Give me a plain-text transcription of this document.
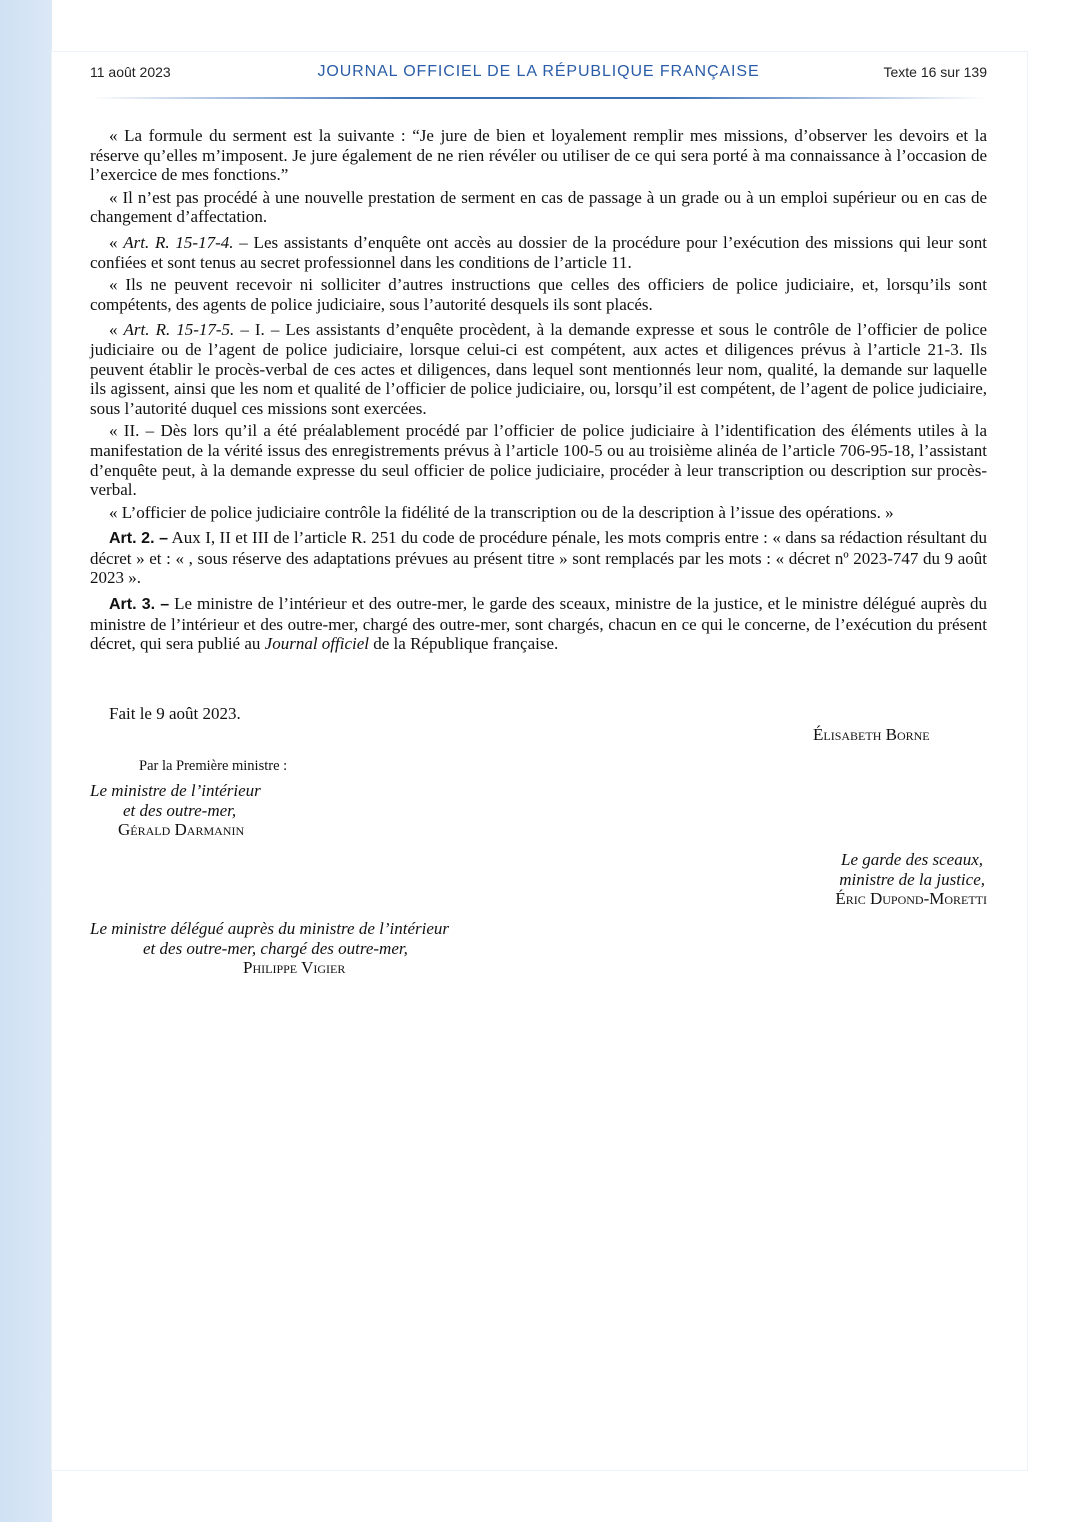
11 août 2023	JOURNAL OFFICIEL DE LA RÉPUBLIQUE FRANÇAISE	Texte 16 sur 139

« La formule du serment est la suivante : “Je jure de bien et loyalement remplir mes missions, d’observer les devoirs et la réserve qu’elles m’imposent. Je jure également de ne rien révéler ou utiliser de ce qui sera porté à ma connaissance à l’occasion de l’exercice de mes fonctions.”

« Il n’est pas procédé à une nouvelle prestation de serment en cas de passage à un grade ou à un emploi supérieur ou en cas de changement d’affectation.

« Art. R. 15-17-4. – Les assistants d’enquête ont accès au dossier de la procédure pour l’exécution des missions qui leur sont confiées et sont tenus au secret professionnel dans les conditions de l’article 11.

« Ils ne peuvent recevoir ni solliciter d’autres instructions que celles des officiers de police judiciaire, et, lorsqu’ils sont compétents, des agents de police judiciaire, sous l’autorité desquels ils sont placés.

« Art. R. 15-17-5. – I. – Les assistants d’enquête procèdent, à la demande expresse et sous le contrôle de l’officier de police judiciaire ou de l’agent de police judiciaire, lorsque celui-ci est compétent, aux actes et diligences prévus à l’article 21-3. Ils peuvent établir le procès-verbal de ces actes et diligences, dans lequel sont mentionnés leur nom, qualité, la demande sur laquelle ils agissent, ainsi que les nom et qualité de l’officier de police judiciaire, ou, lorsqu’il est compétent, de l’agent de police judiciaire, sous l’autorité duquel ces missions sont exercées.

« II. – Dès lors qu’il a été préalablement procédé par l’officier de police judiciaire à l’identification des éléments utiles à la manifestation de la vérité issus des enregistrements prévus à l’article 100-5 ou au troisième alinéa de l’article 706-95-18, l’assistant d’enquête peut, à la demande expresse du seul officier de police judiciaire, procéder à leur transcription ou description sur procès-verbal.

« L’officier de police judiciaire contrôle la fidélité de la transcription ou de la description à l’issue des opérations. »

Art. 2. – Aux I, II et III de l’article R. 251 du code de procédure pénale, les mots compris entre : « dans sa rédaction résultant du décret » et : « , sous réserve des adaptations prévues au présent titre » sont remplacés par les mots : « décret nº 2023-747 du 9 août 2023 ».

Art. 3. – Le ministre de l’intérieur et des outre-mer, le garde des sceaux, ministre de la justice, et le ministre délégué auprès du ministre de l’intérieur et des outre-mer, chargé des outre-mer, sont chargés, chacun en ce qui le concerne, de l’exécution du présent décret, qui sera publié au Journal officiel de la République française.

Fait le 9 août 2023.
Élisabeth Borne
Par la Première ministre :
Le ministre de l’intérieur
et des outre-mer,
Gérald Darmanin
Le garde des sceaux,
ministre de la justice,
Éric Dupond-Moretti
Le ministre délégué auprès du ministre de l’intérieur
et des outre-mer, chargé des outre-mer,
Philippe Vigier
